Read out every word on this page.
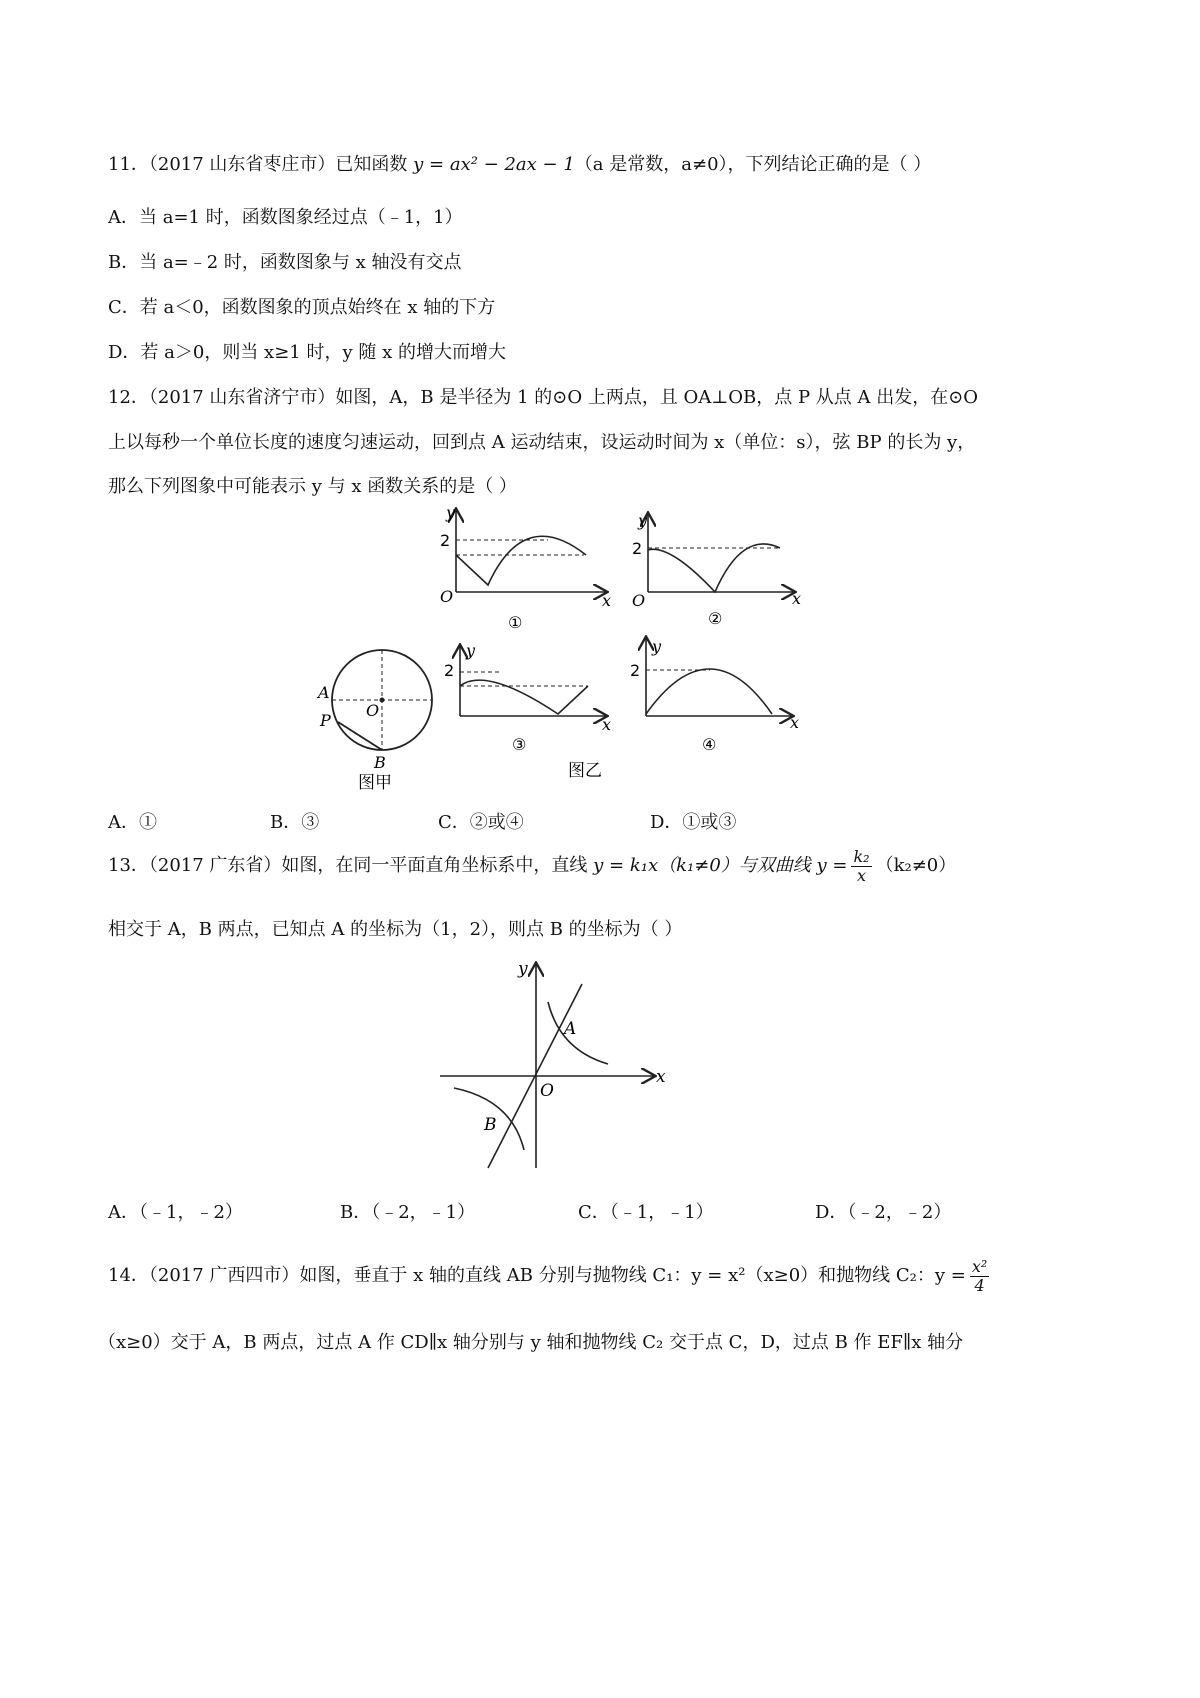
11．（2017 山东省枣庄市）已知函数 y = ax² − 2ax − 1（a 是常数，a≠0），下列结论正确的是（ ）
A．当 a=1 时，函数图象经过点（﹣1，1）
B．当 a=﹣2 时，函数图象与 x 轴没有交点
C．若 a＜0，函数图象的顶点始终在 x 轴的下方
D．若 a＞0，则当 x≥1 时，y 随 x 的增大而增大
12．（2017 山东省济宁市）如图，A，B 是半径为 1 的⊙O 上两点，且 OA⊥OB，点 P 从点 A 出发，在⊙O
上以每秒一个单位长度的速度匀速运动，回到点 A 运动结束，设运动时间为 x（单位：s），弦 BP 的长为 y，
那么下列图象中可能表示 y 与 x 函数关系的是（ ）
O
2
y
x
①
O
2
y
x
②
A
P
O
B
图甲
2
y
x
③
2
y
x
④
图乙
A．①	B．③	C．②或④	D．①或③
13．（2017 广东省）如图，在同一平面直角坐标系中，直线 y = k₁x（k₁≠0）与双曲线 $y = \frac{\text{k₂}}{x} (k_2\ne 0)$
相交于 A，B 两点，已知点 A 的坐标为（1，2），则点 B 的坐标为（ ）
x
y
O
A
B
A．（﹣1，﹣2）	B．（﹣2，﹣1）	C．（﹣1，﹣1）	D．（﹣2，﹣2）
14．（2017 广西四市）如图，垂直于 x 轴的直线 AB 分别与抛物线 C₁：y = x²（x≥0）和抛物线 C₂：$y = \frac{\text{x²}}{4}$
（x≥0）交于 A，B 两点，过点 A 作 CD∥x 轴分别与 y 轴和抛物线 C₂ 交于点 C，D，过点 B 作 EF∥x 轴分
